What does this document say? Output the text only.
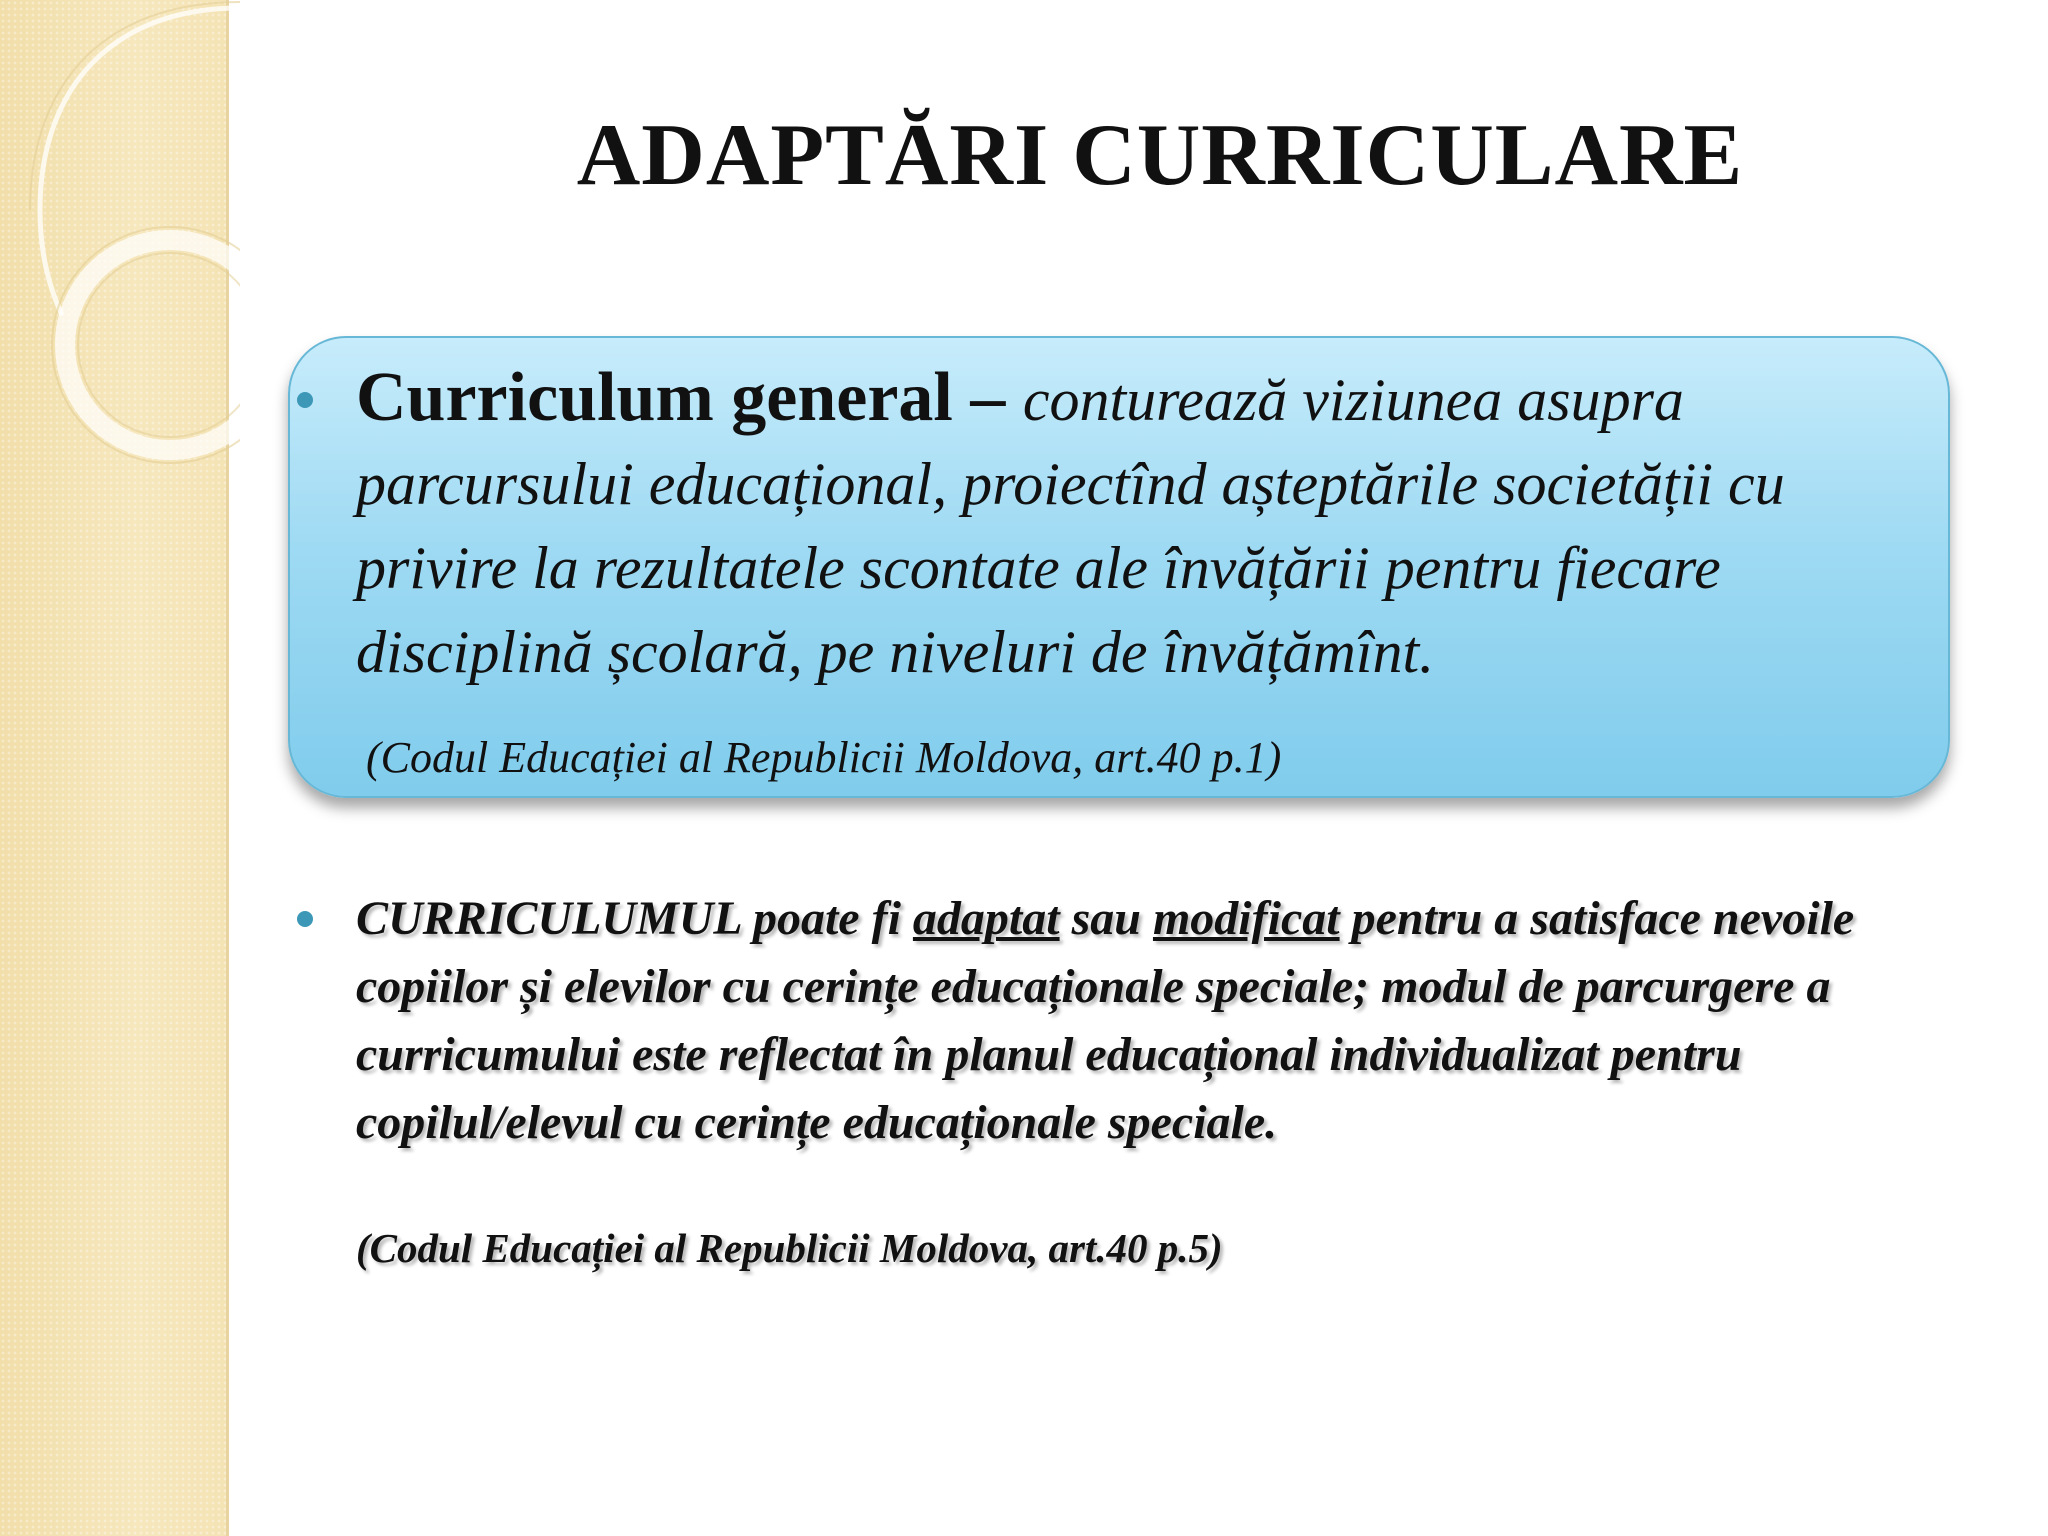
ADAPTĂRI CURRICULARE

Curriculum general – conturează viziunea asupra parcursului educațional, proiectînd așteptările societății cu privire la rezultatele scontate ale învățării pentru fiecare disciplină școlară, pe niveluri de învățămînt.

(Codul Educației al Republicii Moldova, art.40 p.1)

CURRICULUMUL poate fi adaptat sau modificat pentru a satisface nevoile copiilor și elevilor cu cerințe educaționale speciale; modul de parcurgere a curricumului este reflectat în planul educațional individualizat pentru copilul/elevul cu cerințe educaționale speciale.

(Codul Educației al Republicii Moldova, art.40 p.5)
